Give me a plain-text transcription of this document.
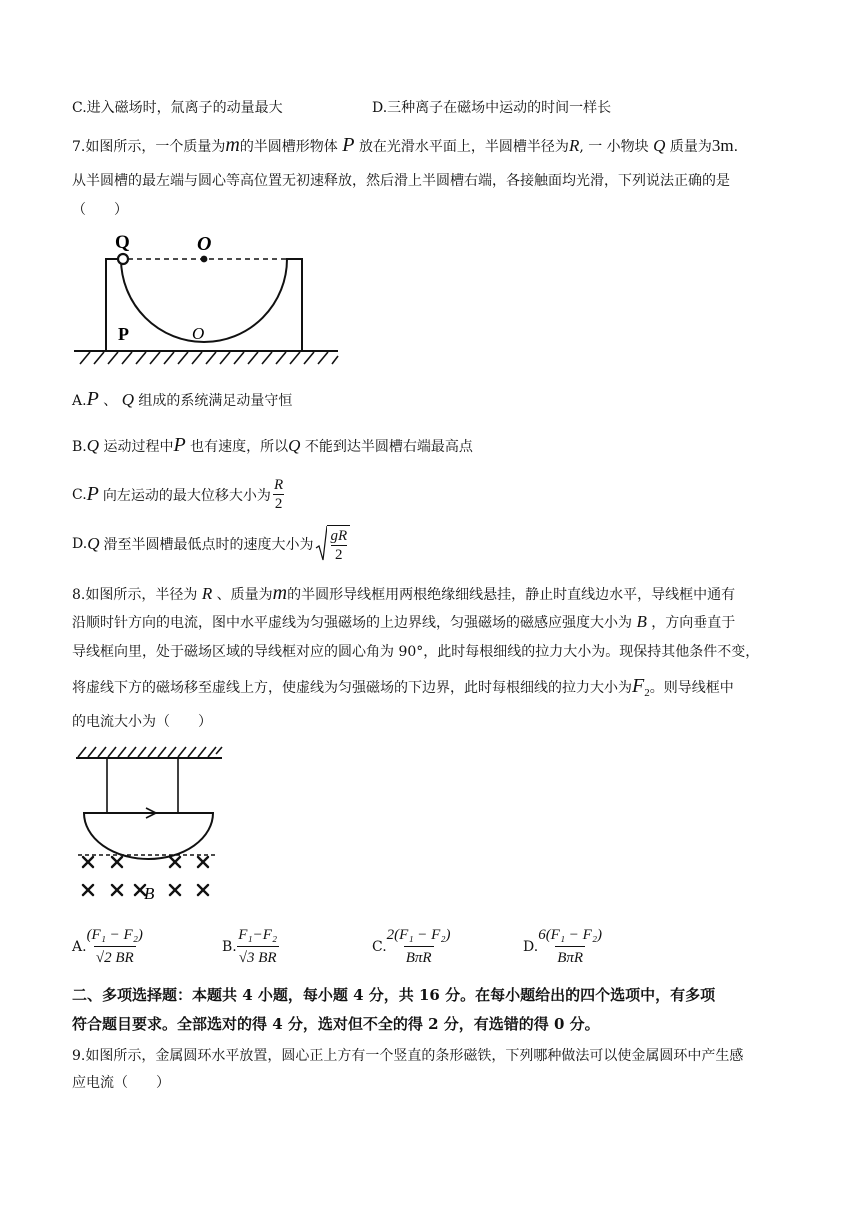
C.进入磁场时，氚离子的动量最大	D.三种离子在磁场中运动的时间一样长
7.如图所示，一个质量为m的半圆槽形物体 P 放在光滑水平面上，半圆槽半径为R, 一 小物块 Q 质量为3m.
从半圆槽的最左端与圆心等高位置无初速释放，然后滑上半圆槽右端，各接触面均光滑，下列说法正确的是
（　　）
Q	O
O
P
A.P 、 Q 组成的系统满足动量守恒
B.Q 运动过程中P 也有速度，所以Q 不能到达半圆槽右端最高点
C. P 向左运动的最大位移大小为 $\frac{R}{2}$
D. Q 滑至半圆槽最低点时的速度大小为 $\frac{gR}{2}$
8.如图所示，半径为 R 、质量为m的半圆形导线框用两根绝缘细线悬挂，静止时直线边水平，导线框中通有
沿顺时针方向的电流，图中水平虚线为匀强磁场的上边界线，匀强磁场的磁感应强度大小为 B ，方向垂直于
导线框向里，处于磁场区域的导线框对应的圆心角为 90°，此时每根细线的拉力大小为。现保持其他条件不变，
将虚线下方的磁场移至虚线上方，使虚线为匀强磁场的下边界，此时每根细线的拉力大小为$F_2$。则导线框中
的电流大小为（　　）
B
A. $\frac{\text{(F₁ − F₂)}}{√2 BR}$	B. $\frac{\text{F₁−F₂}}{√3 BR}$	C.
2(F₁ − F₂)
BπR
D.
6(F₁ − F₂)
BπR
二、多项选择题：本题共 4 小题，每小题 4 分，共 16 分。在每小题给出的四个选项中，有多项
符合题目要求。全部选对的得 4 分，选对但不全的得 2 分，有选错的得 0 分。
9.如图所示，金属圆环水平放置，圆心正上方有一个竖直的条形磁铁，下列哪种做法可以使金属圆环中产生感
应电流（　　）
